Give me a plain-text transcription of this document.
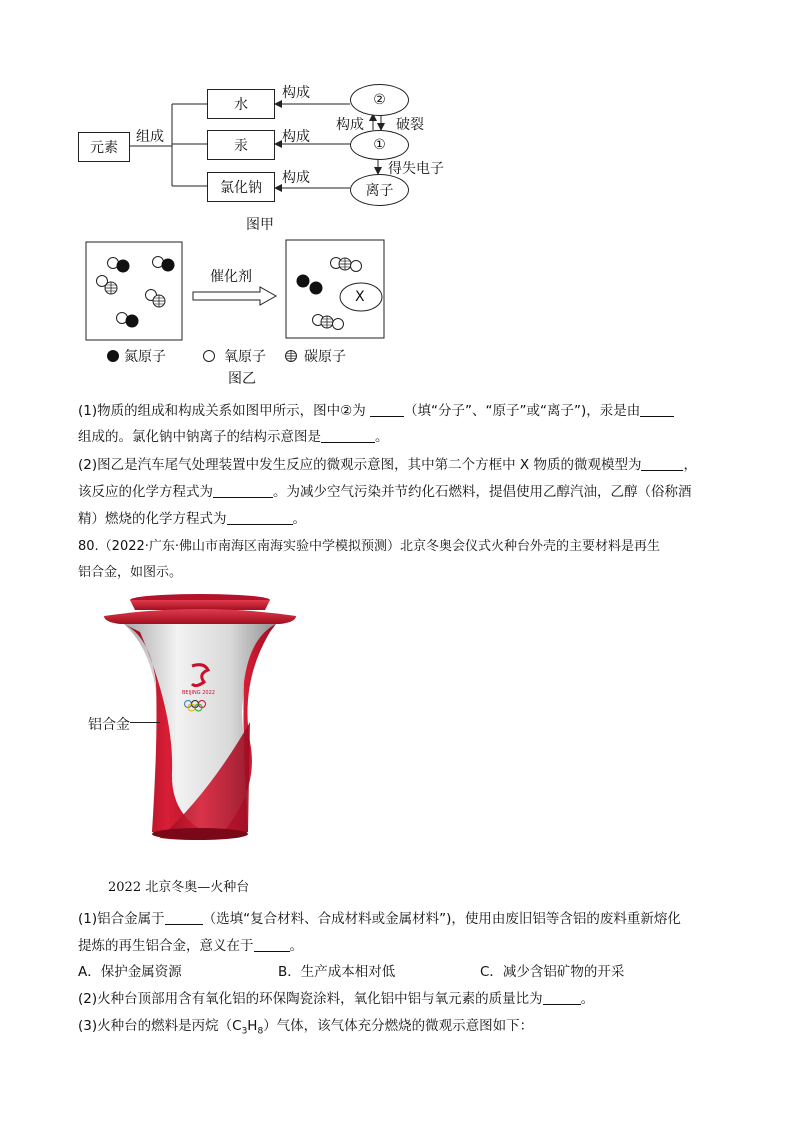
元素
组成
水
汞
氯化钠
构成
构成
构成
②
①
离子
构成 破裂
得失电子
图甲
X
催化剂
氮原子	氧原子	碳原子
图乙
(1)物质的组成和构成关系如图甲所示，图中②为	（填“分子”、“原子”或“离子”)，汞是由
组成的。氯化钠中钠离子的结构示意图是	。
(2)图乙是汽车尾气处理装置中发生反应的微观示意图，其中第二个方框中 X 物质的微观模型为	，
该反应的化学方程式为	。为减少空气污染并节约化石燃料，提倡使用乙醇汽油，乙醇（俗称酒
精）燃烧的化学方程式为	。
80.（2022·广东·佛山市南海区南海实验中学模拟预测）北京冬奥会仪式火种台外壳的主要材料是再生
铝合金，如图示。
BEIJING 2022
铝合金
2022 北京冬奥—火种台
(1)铝合金属于	（选填“复合材料、合成材料或金属材料”)，使用由废旧铝等含铝的废料重新熔化
提炼的再生铝合金，意义在于	。
A．保护金属资源	B．生产成本相对低	C．减少含铝矿物的开采
(2)火种台顶部用含有氧化铝的环保陶瓷涂料，氧化铝中铝与氧元素的质量比为	。
(3)火种台的燃料是丙烷$(C_3H_8)$气体，该气体充分燃烧的微观示意图如下：
